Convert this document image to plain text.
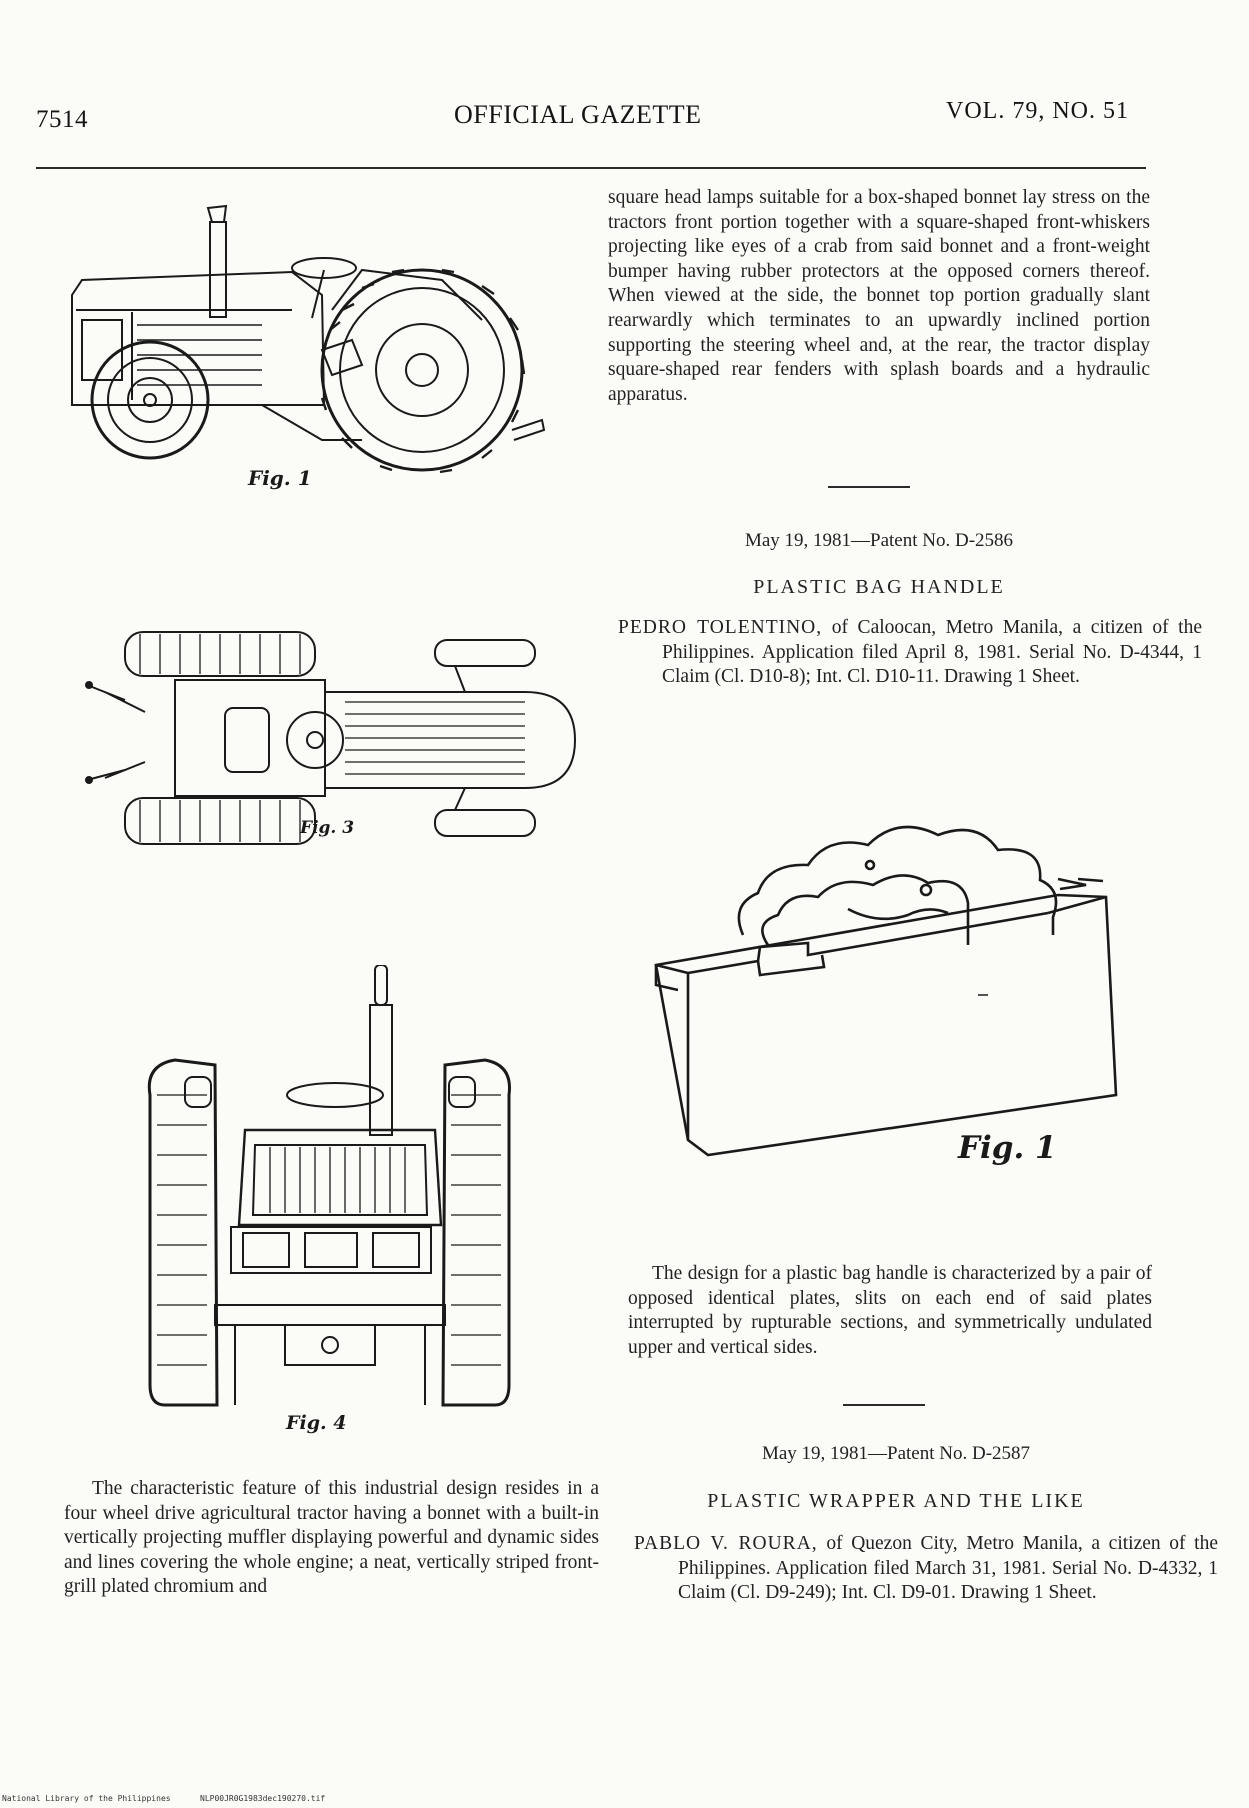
7514	OFFICIAL GAZETTE	VOL. 79, NO. 51
Fig. 1
Fig. 3
Fig. 4

The characteristic feature of this industrial design resides in a four wheel drive agricultural tractor having a bonnet with a built-in vertically projecting muffler displaying powerful and dynamic sides and lines covering the whole engine; a neat, vertically striped front-grill plated chromium and

square head lamps suitable for a box-shaped bonnet lay stress on the tractors front portion together with a square-shaped front-whiskers projecting like eyes of a crab from said bonnet and a front-weight bumper having rubber protectors at the opposed corners thereof. When viewed at the side, the bonnet top portion gradually slant rearwardly which terminates to an upwardly inclined portion supporting the steering wheel and, at the rear, the tractor display square-shaped rear fenders with splash boards and a hydraulic apparatus.

May 19, 1981—Patent No. D-2586
PLASTIC BAG HANDLE
PEDRO TOLENTINO, of Caloocan, Metro Manila, a citizen of the Philippines. Application filed April 8, 1981. Serial No. D-4344, 1 Claim (Cl. D10-8); Int. Cl. D10-11. Drawing 1 Sheet.
Fig. 1

The design for a plastic bag handle is characterized by a pair of opposed identical plates, slits on each end of said plates interrupted by rupturable sections, and symmetrically undulated upper and vertical sides.

May 19, 1981—Patent No. D-2587
PLASTIC WRAPPER AND THE LIKE
PABLO V. ROURA, of Quezon City, Metro Manila, a citizen of the Philippines. Application filed March 31, 1981. Serial No. D-4332, 1 Claim (Cl. D9-249); Int. Cl. D9-01. Drawing 1 Sheet.
National Library of the Philippines	NLP00JR0G1983dec190270.tif
